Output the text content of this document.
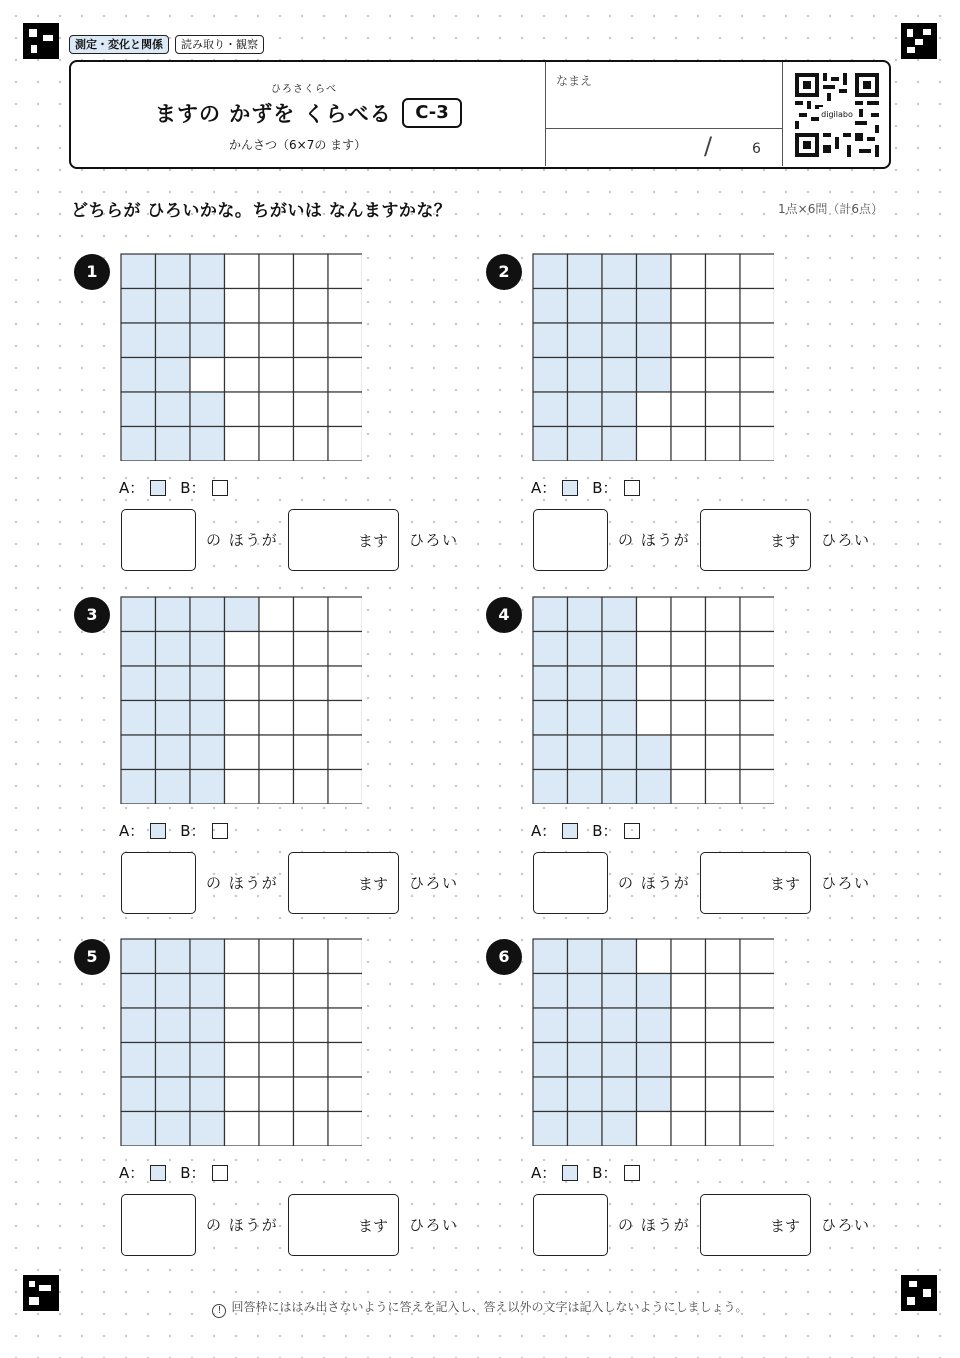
測定・変化と関係	読み取り・観察
ひろさくらべ
ますの かずを くらべる	C-3
かんさつ（6×7の ます）
なまえ
/	6
digilabo
どちらが ひろいかな。ちがいは なんますかな？	1点×6問（計6点）
1
A： B：
の ほうが	ます ひろい
2
A： B：
の ほうが	ます ひろい
3
A： B：
の ほうが	ます ひろい
4
A： B：
の ほうが	ます ひろい
5
A： B：
の ほうが	ます ひろい
6
A： B：
の ほうが	ます ひろい
! 回答枠にははみ出さないように答えを記入し、答え以外の文字は記入しないようにしましょう。
